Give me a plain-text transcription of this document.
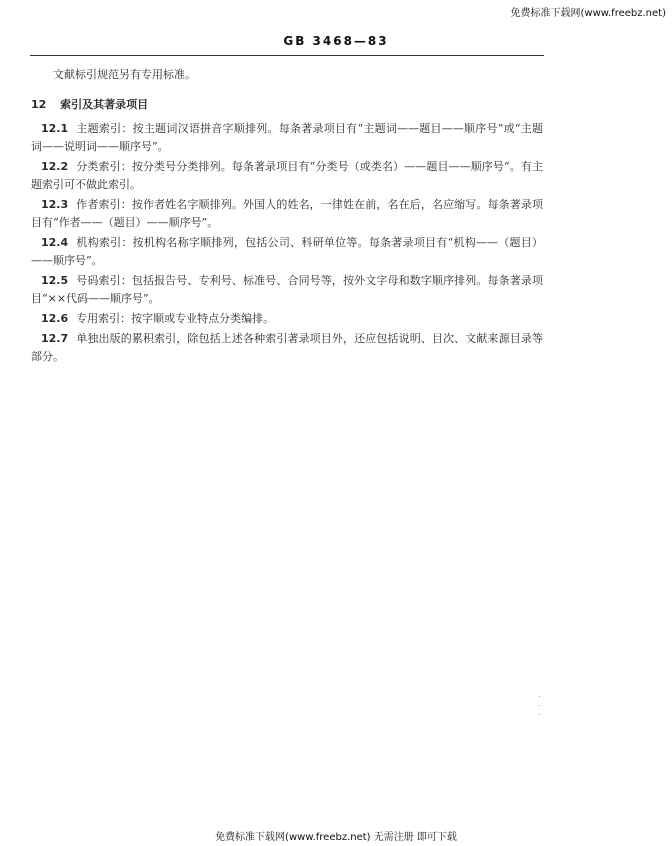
免费标准下载网(www.freebz.net)
GB 3468—83

文献标引规范另有专用标准。

12 索引及其著录项目

12.1 主题索引：按主题词汉语拼音字顺排列。每条著录项目有“主题词——题目——顺序号”或“主题词——说明词——顺序号”。

12.2 分类索引：按分类号分类排列。每条著录项目有“分类号（或类名）——题目——顺序号”。有主题索引可不做此索引。

12.3 作者索引：按作者姓名字顺排列。外国人的姓名，一律姓在前，名在后，名应缩写。每条著录项目有“作者——（题目）——顺序号”。

12.4 机构索引：按机构名称字顺排列，包括公司、科研单位等。每条著录项目有“机构——（题目）——顺序号”。

12.5 号码索引：包括报告号、专利号、标准号、合同号等，按外文字母和数字顺序排列。每条著录项目“××代码——顺序号”。

12.6 专用索引：按字顺或专业特点分类编排。

12.7 单独出版的累积索引，除包括上述各种索引著录项目外，还应包括说明、目次、文献来源目录等部分。

免费标准下载网(www.freebz.net) 无需注册 即可下载
